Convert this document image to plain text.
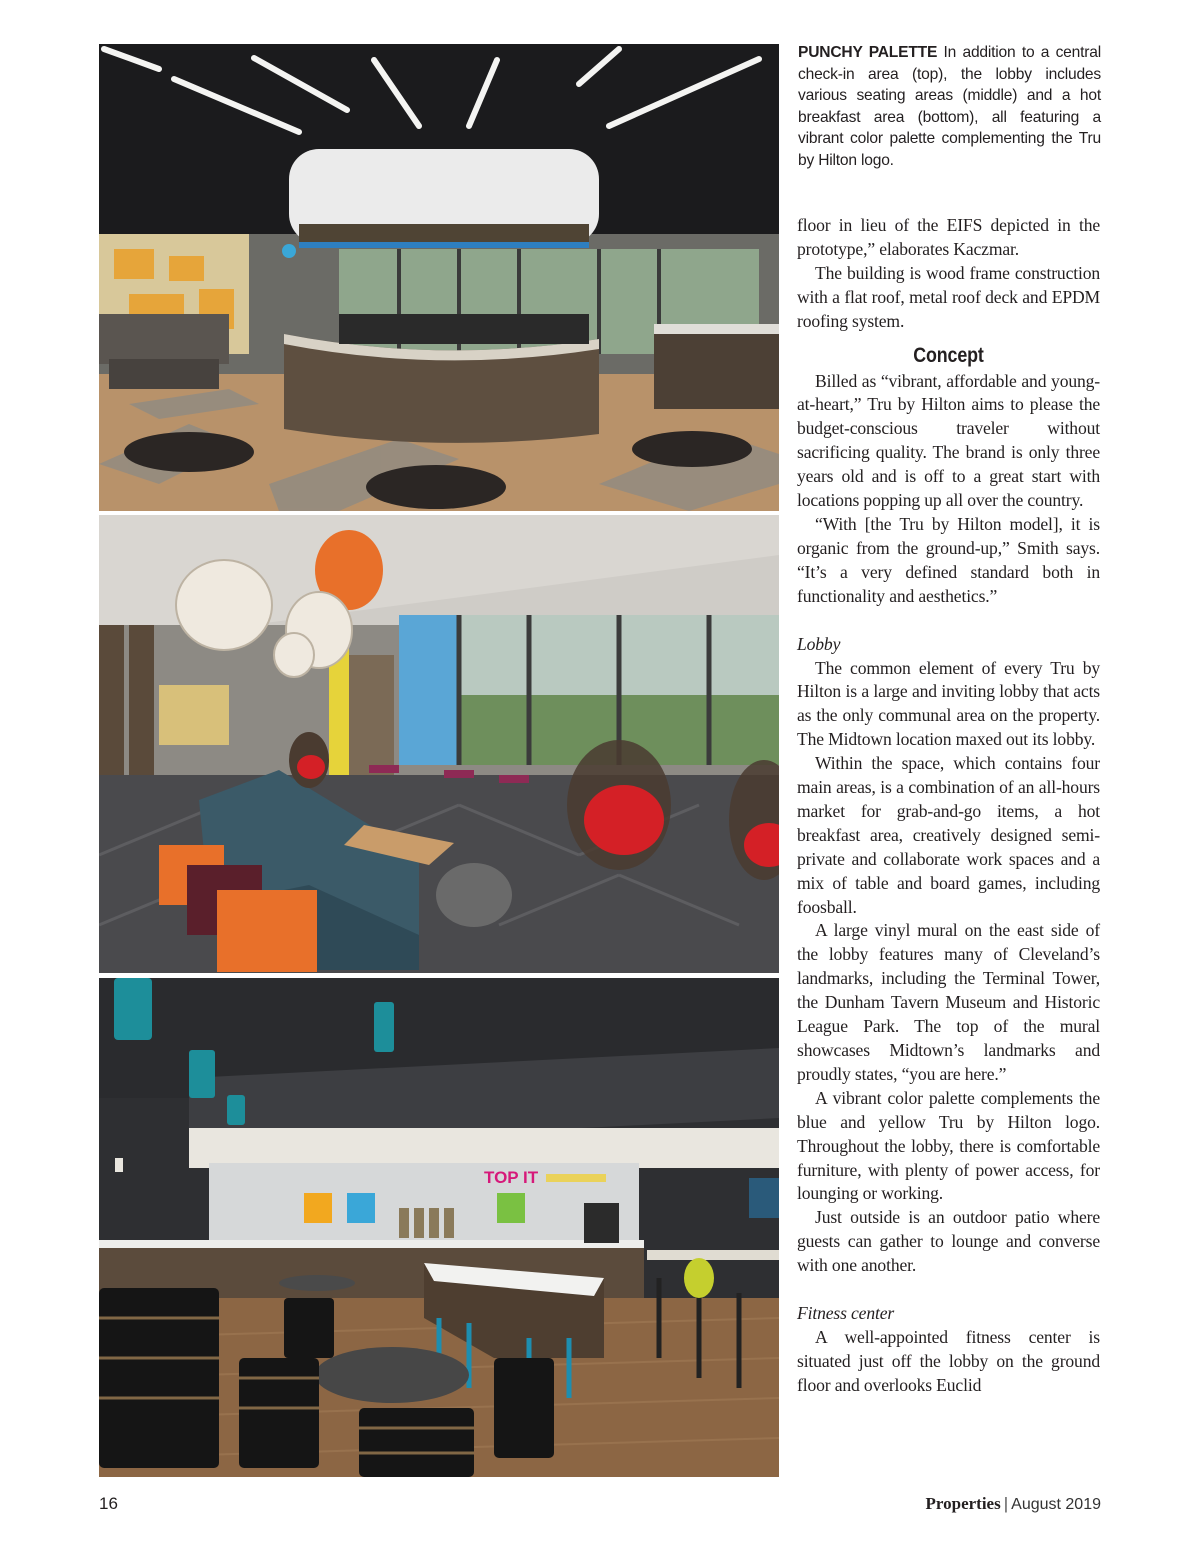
TOP IT
PUNCHY PALETTE In addition to a central check-in area (top), the lobby includes various seating areas (middle) and a hot breakfast area (bottom), all featuring a vibrant color palette complementing the Tru by Hilton logo.

floor in lieu of the EIFS depicted in the prototype,” elaborates Kaczmar.

The building is wood frame construction with a flat roof, metal roof deck and EPDM roofing system.

Concept

Billed as “vibrant, affordable and young-at-heart,” Tru by Hilton aims to please the budget-conscious traveler without sacrificing quality. The brand is only three years old and is off to a great start with locations popping up all over the country.

“With [the Tru by Hilton model], it is organic from the ground-up,” Smith says. “It’s a very defined standard both in functionality and aesthetics.”

Lobby

The common element of every Tru by Hilton is a large and inviting lobby that acts as the only communal area on the property. The Midtown location maxed out its lobby.

Within the space, which contains four main areas, is a combination of an all-hours market for grab-and-go items, a hot breakfast area, creatively designed semi-private and collaborate work spaces and a mix of table and board games, including foosball.

A large vinyl mural on the east side of the lobby features many of Cleveland’s landmarks, including the Terminal Tower, the Dunham Tavern Museum and Historic League Park. The top of the mural showcases Midtown’s landmarks and proudly states, “you are here.”

A vibrant color palette complements the blue and yellow Tru by Hilton logo. Throughout the lobby, there is comfortable furniture, with plenty of power access, for lounging or working.

Just outside is an outdoor patio where guests can gather to lounge and converse with one another.

Fitness center

A well-appointed fitness center is situated just off the lobby on the ground floor and overlooks Euclid

16	Properties | August 2019
